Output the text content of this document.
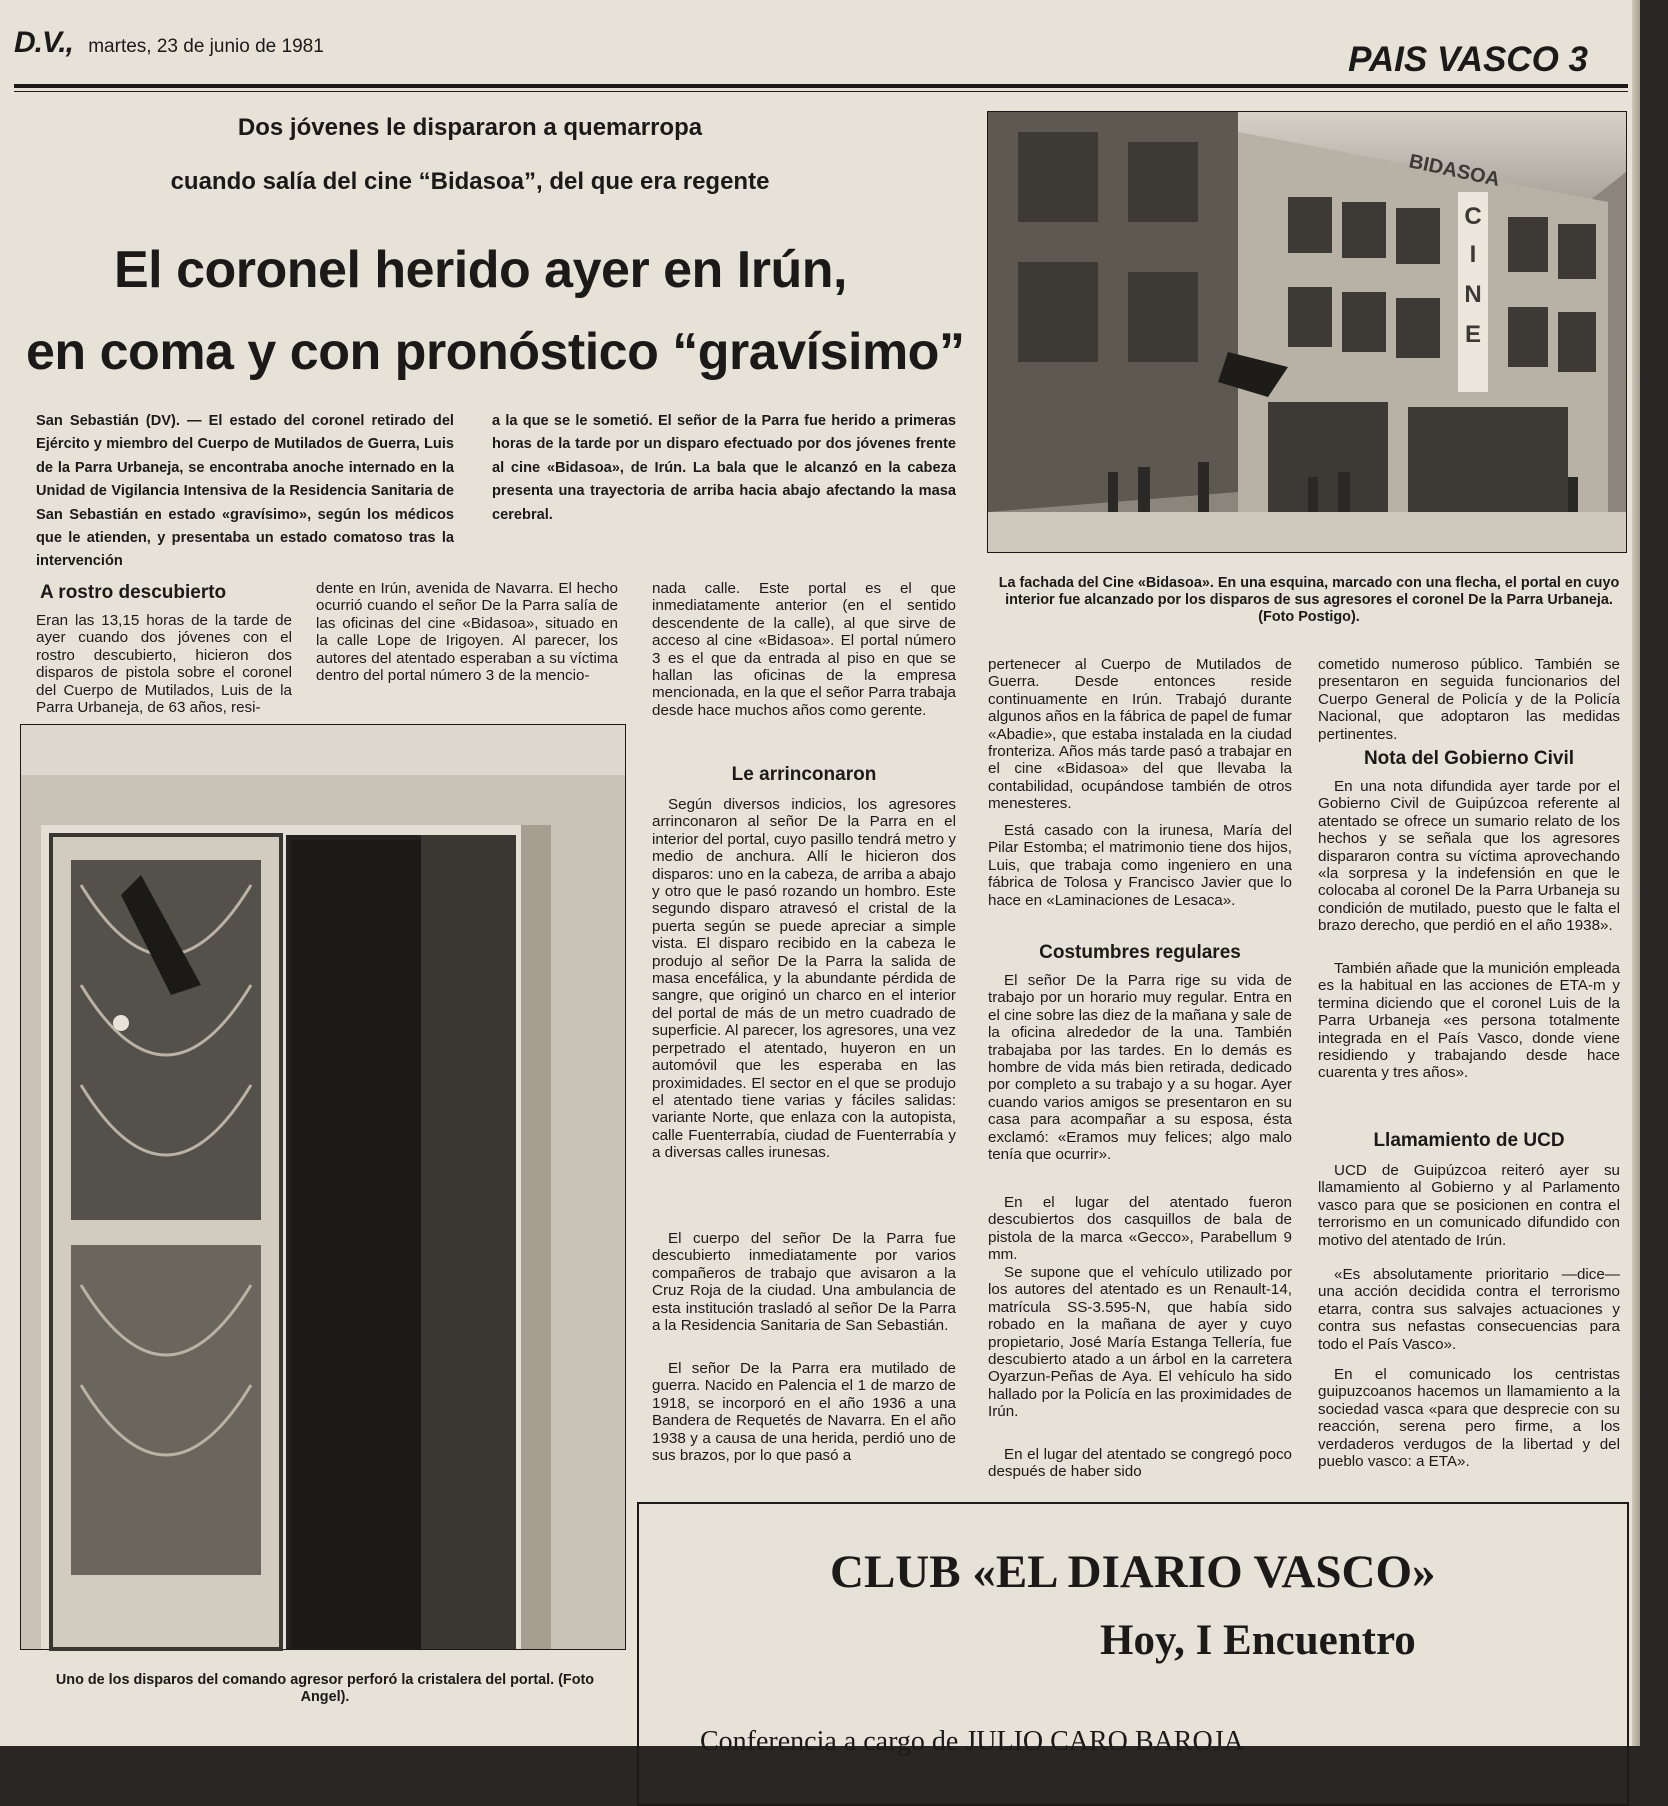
D.V., martes, 23 de junio de 1981	PAIS VASCO 3
Dos jóvenes le dispararon a quemarropa
cuando salía del cine “Bidasoa”, del que era regente
El coronel herido ayer en Irún,
en coma y con pronóstico “gravísimo”
San Sebastián (DV). — El estado del coronel retirado del Ejército y miembro del Cuerpo de Mutilados de Guerra, Luis de la Parra Urbaneja, se encontraba anoche internado en la Unidad de Vigilancia Intensiva de la Residencia Sanitaria de San Sebastián en estado «gravísimo», según los médicos que le atienden, y presentaba un estado comatoso tras la intervención
a la que se le sometió. El señor de la Parra fue herido a primeras horas de la tarde por un disparo efectuado por dos jóvenes frente al cine «Bidasoa», de Irún. La bala que le alcanzó en la cabeza presenta una trayectoria de arriba hacia abajo afectando la masa cerebral.
C
I
N
E
BIDASOA
La fachada del Cine «Bidasoa». En una esquina, marcado con una flecha, el portal en cuyo interior fue alcanzado por los disparos de sus agresores el coronel De la Parra Urbaneja. (Foto Postigo).
A rostro descubierto
Eran las 13,15 horas de la tarde de ayer cuando dos jóvenes con el rostro descubierto, hicieron dos disparos de pistola sobre el coronel del Cuerpo de Mutilados, Luis de la Parra Urbaneja, de 63 años, resi-
dente en Irún, avenida de Navarra. El hecho ocurrió cuando el señor De la Parra salía de las oficinas del cine «Bidasoa», situado en la calle Lope de Irigoyen. Al parecer, los autores del atentado esperaban a su víctima dentro del portal número 3 de la mencio-
Uno de los disparos del comando agresor perforó la cristalera del portal. (Foto Angel).
nada calle. Este portal es el que inmediatamente anterior (en el sentido descendente de la calle), al que sirve de acceso al cine «Bidasoa». El portal número 3 es el que da entrada al piso en que se hallan las oficinas de la empresa mencionada, en la que el señor Parra trabaja desde hace muchos años como gerente.
Le arrinconaron
Según diversos indicios, los agresores arrinconaron al señor De la Parra en el interior del portal, cuyo pasillo tendrá metro y medio de anchura. Allí le hicieron dos disparos: uno en la cabeza, de arriba a abajo y otro que le pasó rozando un hombro. Este segundo disparo atravesó el cristal de la puerta según se puede apreciar a simple vista. El disparo recibido en la cabeza le produjo al señor De la Parra la salida de masa encefálica, y la abundante pérdida de sangre, que originó un charco en el interior del portal de más de un metro cuadrado de superficie. Al parecer, los agresores, una vez perpetrado el atentado, huyeron en un automóvil que les esperaba en las proximidades. El sector en el que se produjo el atentado tiene varias y fáciles salidas: variante Norte, que enlaza con la autopista, calle Fuenterrabía, ciudad de Fuenterrabía y a diversas calles irunesas.
El cuerpo del señor De la Parra fue descubierto inmediatamente por varios compañeros de trabajo que avisaron a la Cruz Roja de la ciudad. Una ambulancia de esta institución trasladó al señor De la Parra a la Residencia Sanitaria de San Sebastián.
El señor De la Parra era mutilado de guerra. Nacido en Palencia el 1 de marzo de 1918, se incorporó en el año 1936 a una Bandera de Requetés de Navarra. En el año 1938 y a causa de una herida, perdió uno de sus brazos, por lo que pasó a
pertenecer al Cuerpo de Mutilados de Guerra. Desde entonces reside continuamente en Irún. Trabajó durante algunos años en la fábrica de papel de fumar «Abadie», que estaba instalada en la ciudad fronteriza. Años más tarde pasó a trabajar en el cine «Bidasoa» del que llevaba la contabilidad, ocupándose también de otros menesteres.
Está casado con la irunesa, María del Pilar Estomba; el matrimonio tiene dos hijos, Luis, que trabaja como ingeniero en una fábrica de Tolosa y Francisco Javier que lo hace en «Laminaciones de Lesaca».
Costumbres regulares
El señor De la Parra rige su vida de trabajo por un horario muy regular. Entra en el cine sobre las diez de la mañana y sale de la oficina alrededor de la una. También trabajaba por las tardes. En lo demás es hombre de vida más bien retirada, dedicado por completo a su trabajo y a su hogar. Ayer cuando varios amigos se presentaron en su casa para acompañar a su esposa, ésta exclamó: «Eramos muy felices; algo malo tenía que ocurrir».
En el lugar del atentado fueron descubiertos dos casquillos de bala de pistola de la marca «Gecco», Parabellum 9 mm.
Se supone que el vehículo utilizado por los autores del atentado es un Renault-14, matrícula SS-3.595-N, que había sido robado en la mañana de ayer y cuyo propietario, José María Estanga Tellería, fue descubierto atado a un árbol en la carretera Oyarzun-Peñas de Aya. El vehículo ha sido hallado por la Policía en las proximidades de Irún.
En el lugar del atentado se congregó poco después de haber sido
cometido numeroso público. También se presentaron en seguida funcionarios del Cuerpo General de Policía y de la Policía Nacional, que adoptaron las medidas pertinentes.
Nota del Gobierno Civil
En una nota difundida ayer tarde por el Gobierno Civil de Guipúzcoa referente al atentado se ofrece un sumario relato de los hechos y se señala que los agresores dispararon contra su víctima aprovechando «la sorpresa y la indefensión en que le colocaba al coronel De la Parra Urbaneja su condición de mutilado, puesto que le falta el brazo derecho, que perdió en el año 1938».
También añade que la munición empleada es la habitual en las acciones de ETA-m y termina diciendo que el coronel Luis de la Parra Urbaneja «es persona totalmente integrada en el País Vasco, donde viene residiendo y trabajando desde hace cuarenta y tres años».
Llamamiento de UCD
UCD de Guipúzcoa reiteró ayer su llamamiento al Gobierno y al Parlamento vasco para que se posicionen en contra el terrorismo en un comunicado difundido con motivo del atentado de Irún.
«Es absolutamente prioritario —dice— una acción decidida contra el terrorismo etarra, contra sus salvajes actuaciones y contra sus nefastas consecuencias para todo el País Vasco».
En el comunicado los centristas guipuzcoanos hacemos un llamamiento a la sociedad vasca «para que desprecie con su reacción, serena pero firme, a los verdaderos verdugos de la libertad y del pueblo vasco: a ETA».
CLUB «EL DIARIO VASCO»
Hoy, I Encuentro
Conferencia a cargo de JULIO CARO BAROJA
